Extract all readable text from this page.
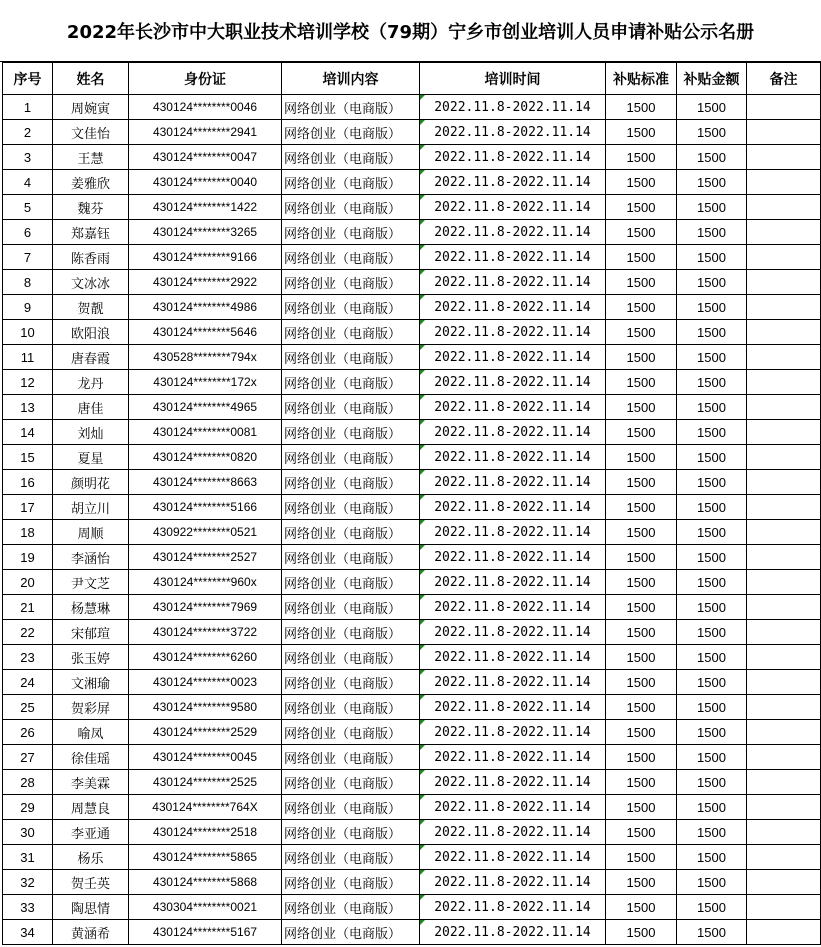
2022年长沙市中大职业技术培训学校（79期）宁乡市创业培训人员申请补贴公示名册
序号	姓名	身份证	培训内容	培训时间	补贴标准	补贴金额	备注
1	周婉寅	430124********0046	网络创业（电商版）	2022.11.8-2022.11.14	1500	1500	
2	文佳怡	430124********2941	网络创业（电商版）	2022.11.8-2022.11.14	1500	1500	
3	王慧	430124********0047	网络创业（电商版）	2022.11.8-2022.11.14	1500	1500	
4	姜雅欣	430124********0040	网络创业（电商版）	2022.11.8-2022.11.14	1500	1500	
5	魏芬	430124********1422	网络创业（电商版）	2022.11.8-2022.11.14	1500	1500	
6	郑嘉钰	430124********3265	网络创业（电商版）	2022.11.8-2022.11.14	1500	1500	
7	陈香雨	430124********9166	网络创业（电商版）	2022.11.8-2022.11.14	1500	1500	
8	文冰冰	430124********2922	网络创业（电商版）	2022.11.8-2022.11.14	1500	1500	
9	贺靓	430124********4986	网络创业（电商版）	2022.11.8-2022.11.14	1500	1500	
10	欧阳浪	430124********5646	网络创业（电商版）	2022.11.8-2022.11.14	1500	1500	
11	唐春霞	430528********794x	网络创业（电商版）	2022.11.8-2022.11.14	1500	1500	
12	龙丹	430124********172x	网络创业（电商版）	2022.11.8-2022.11.14	1500	1500	
13	唐佳	430124********4965	网络创业（电商版）	2022.11.8-2022.11.14	1500	1500	
14	刘灿	430124********0081	网络创业（电商版）	2022.11.8-2022.11.14	1500	1500	
15	夏星	430124********0820	网络创业（电商版）	2022.11.8-2022.11.14	1500	1500	
16	颜明花	430124********8663	网络创业（电商版）	2022.11.8-2022.11.14	1500	1500	
17	胡立川	430124********5166	网络创业（电商版）	2022.11.8-2022.11.14	1500	1500	
18	周顺	430922********0521	网络创业（电商版）	2022.11.8-2022.11.14	1500	1500	
19	李涵怡	430124********2527	网络创业（电商版）	2022.11.8-2022.11.14	1500	1500	
20	尹文芝	430124********960x	网络创业（电商版）	2022.11.8-2022.11.14	1500	1500	
21	杨慧琳	430124********7969	网络创业（电商版）	2022.11.8-2022.11.14	1500	1500	
22	宋郁瑄	430124********3722	网络创业（电商版）	2022.11.8-2022.11.14	1500	1500	
23	张玉婷	430124********6260	网络创业（电商版）	2022.11.8-2022.11.14	1500	1500	
24	文湘瑜	430124********0023	网络创业（电商版）	2022.11.8-2022.11.14	1500	1500	
25	贺彩屏	430124********9580	网络创业（电商版）	2022.11.8-2022.11.14	1500	1500	
26	喻凤	430124********2529	网络创业（电商版）	2022.11.8-2022.11.14	1500	1500	
27	徐佳瑶	430124********0045	网络创业（电商版）	2022.11.8-2022.11.14	1500	1500	
28	李美霖	430124********2525	网络创业（电商版）	2022.11.8-2022.11.14	1500	1500	
29	周慧良	430124********764X	网络创业（电商版）	2022.11.8-2022.11.14	1500	1500	
30	李亚通	430124********2518	网络创业（电商版）	2022.11.8-2022.11.14	1500	1500	
31	杨乐	430124********5865	网络创业（电商版）	2022.11.8-2022.11.14	1500	1500	
32	贺壬英	430124********5868	网络创业（电商版）	2022.11.8-2022.11.14	1500	1500	
33	陶思情	430304********0021	网络创业（电商版）	2022.11.8-2022.11.14	1500	1500	
34	黄涵希	430124********5167	网络创业（电商版）	2022.11.8-2022.11.14	1500	1500	
